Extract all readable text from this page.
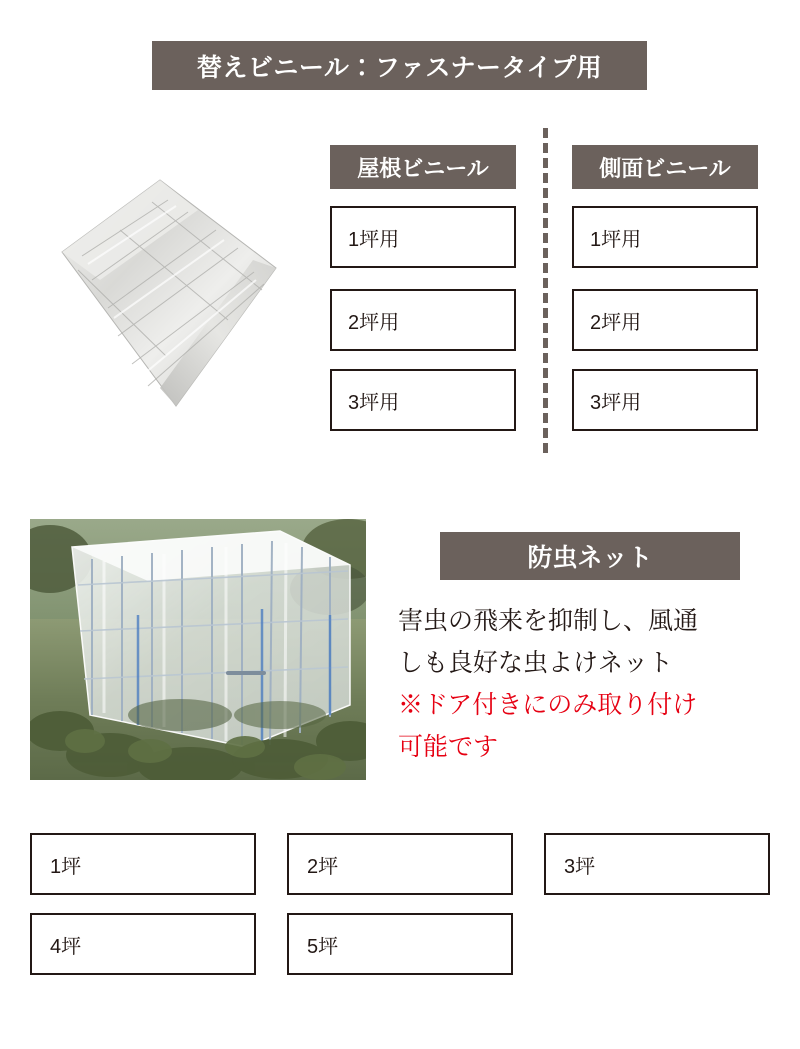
替えビニール：ファスナータイプ用
屋根ビニール
1坪用
2坪用
3坪用
側面ビニール
1坪用
2坪用
3坪用
防虫ネット
害虫の飛来を抑制し、風通
しも良好な虫よけネット
※ドア付きにのみ取り付け
可能です
1坪	2坪	3坪
4坪	5坪
